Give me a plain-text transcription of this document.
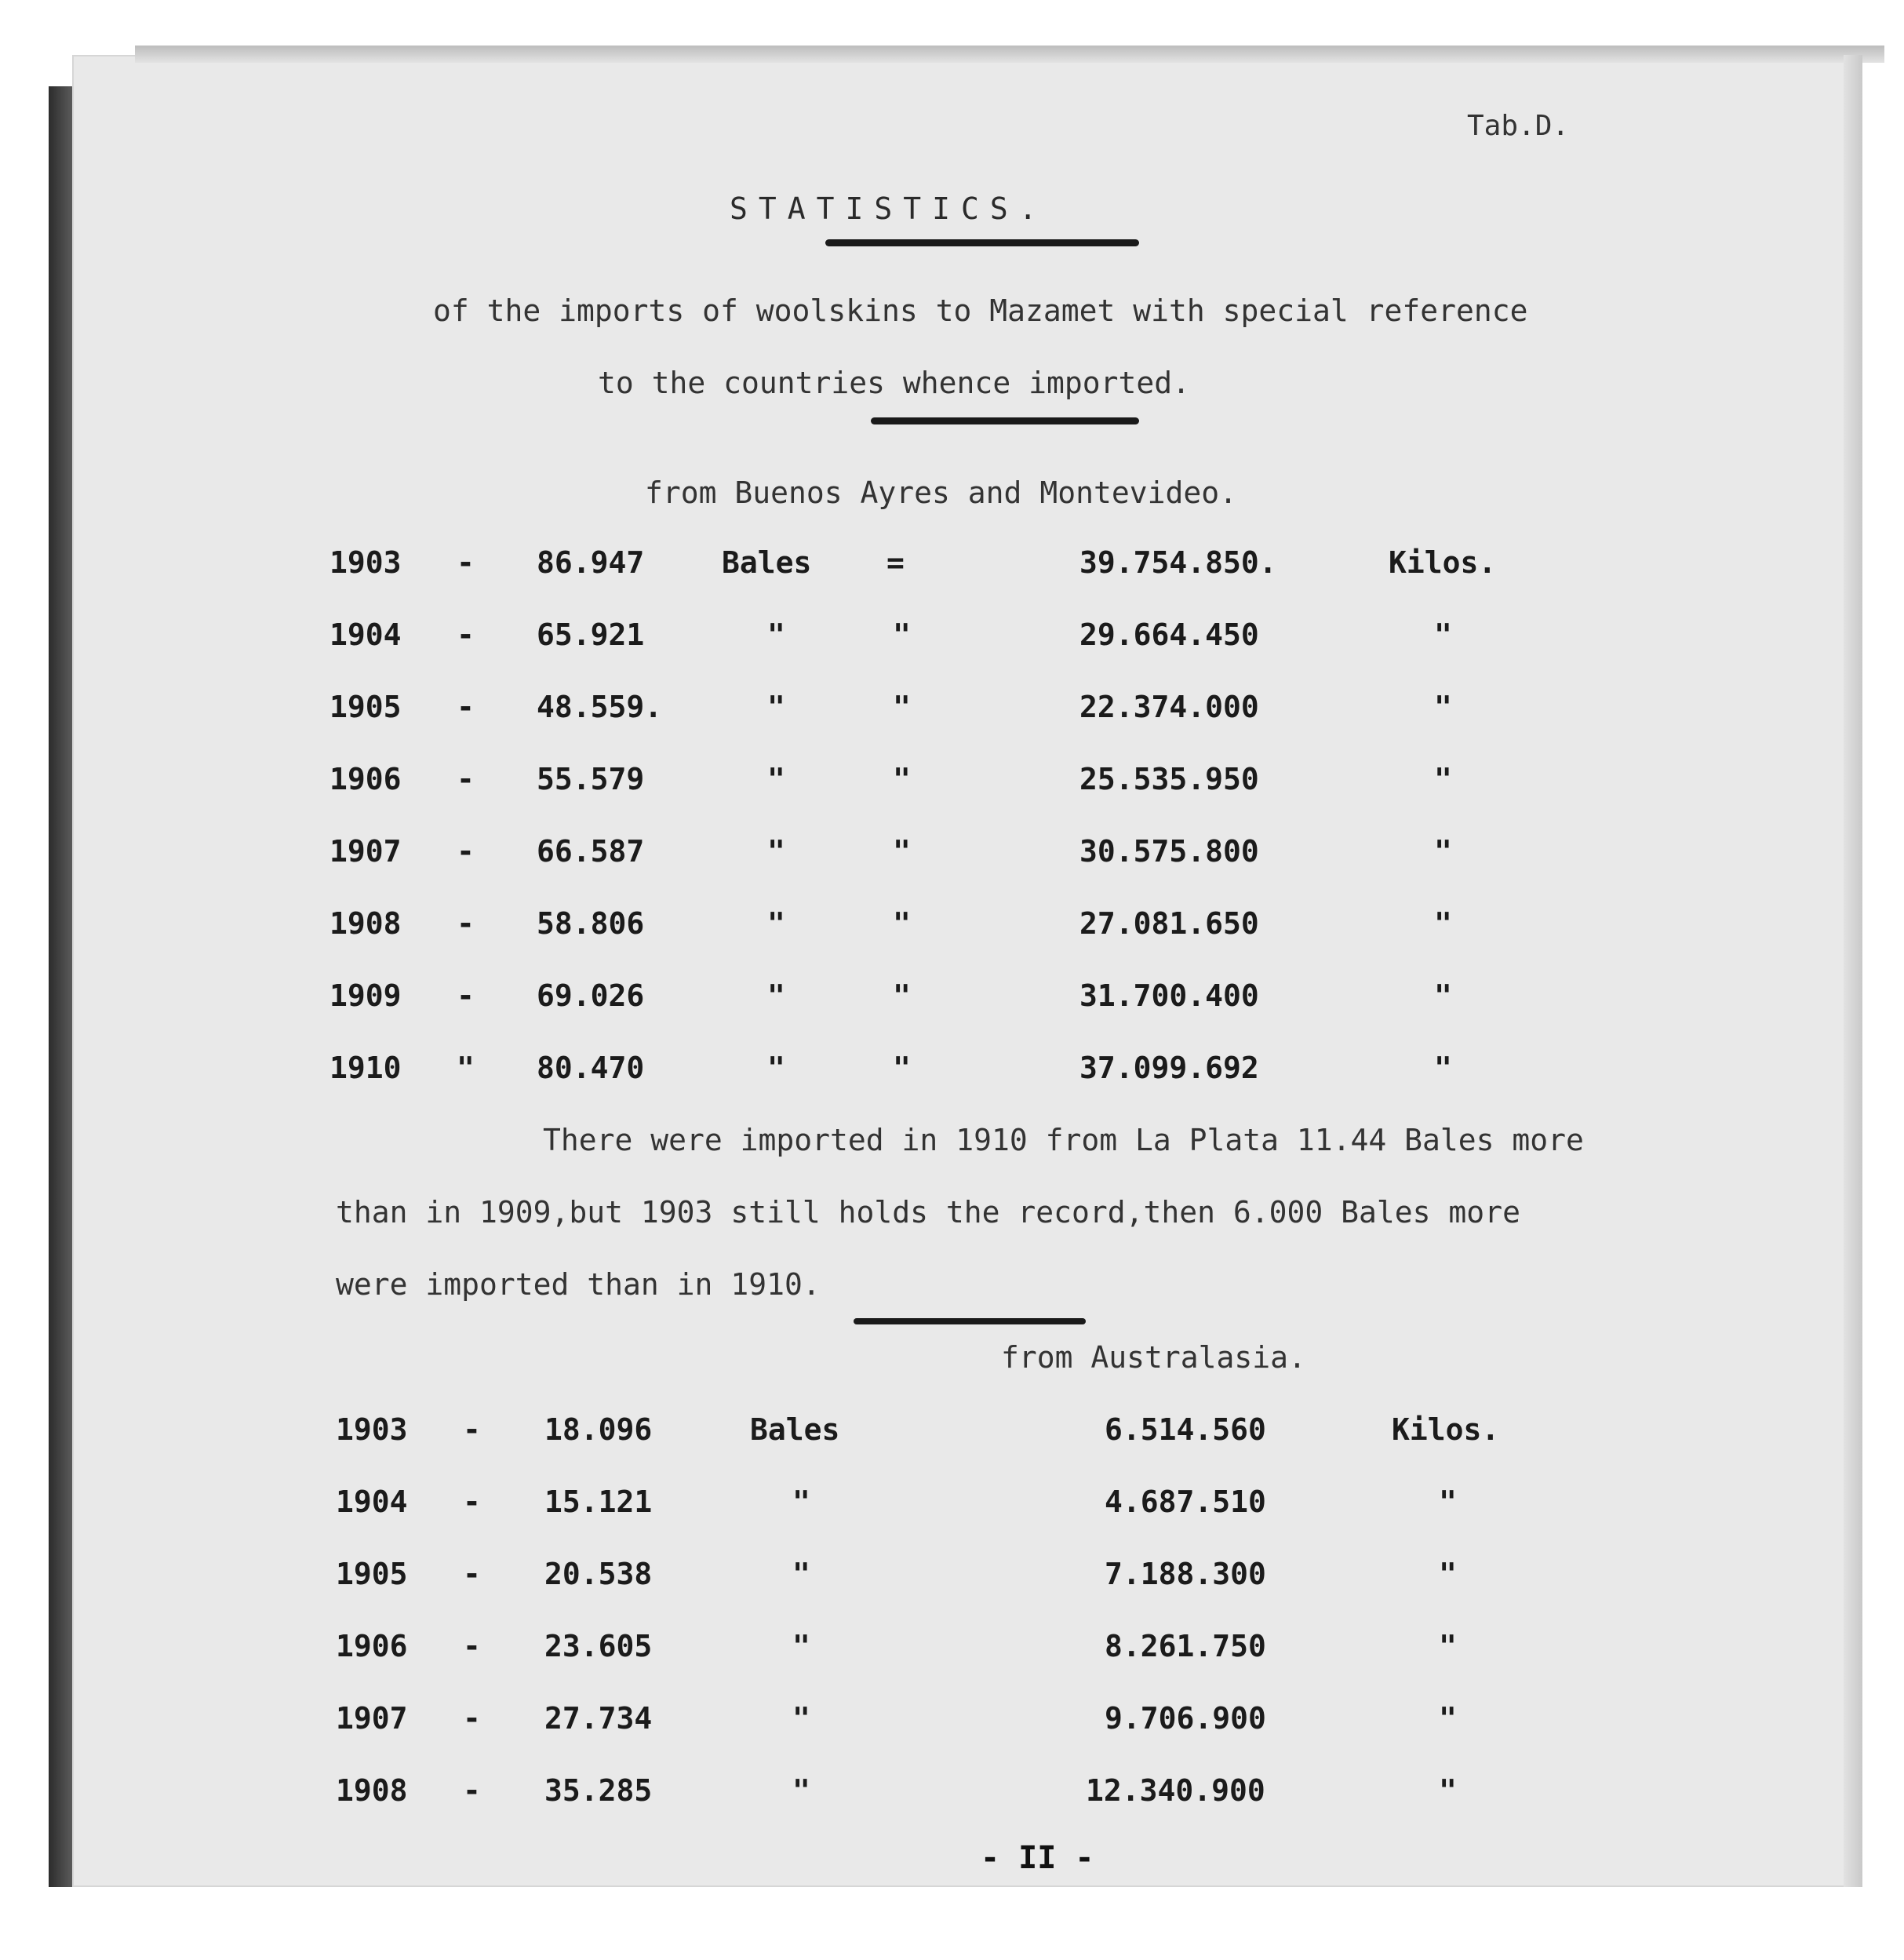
Tab.D.
STATISTICS.
of the imports of woolskins to Mazamet with special reference
to the countries whence imported.
from Buenos Ayres and Montevideo.
1903 - 86.947	Bales	=	39.754.850.	Kilos.
1904 - 65.921	"	"	29.664.450	"
1905 - 48.559.	"	"	22.374.000	"
1906 - 55.579	"	"	25.535.950	"
1907 - 66.587	"	"	30.575.800	"
1908 - 58.806	"	"	27.081.650	"
1909 - 69.026	"	"	31.700.400	"
1910 " 80.470	"	"	37.099.692	"
There were imported in 1910 from La Plata 11.44 Bales more
than in 1909,but 1903 still holds the record,then 6.000 Bales more
were imported than in 1910.
from Australasia.
1903 - 18.096	Bales	6.514.560	Kilos.
1904 - 15.121	"	4.687.510	"
1905 - 20.538	"	7.188.300	"
1906 - 23.605	"	8.261.750	"
1907 - 27.734	"	9.706.900	"
1908 - 35.285	"	12.340.900	"
- II -
